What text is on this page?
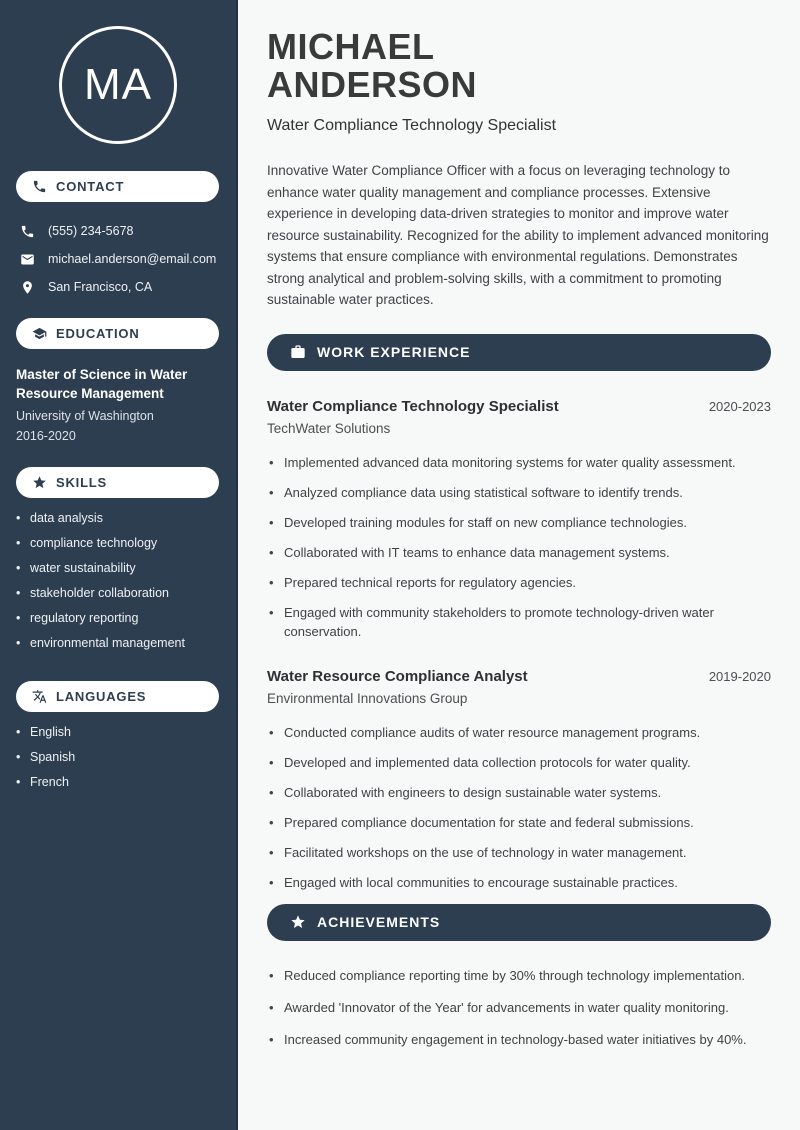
MA
CONTACT
(555) 234-5678
michael.anderson@email.com
San Francisco, CA
EDUCATION
Master of Science in Water Resource Management
University of Washington
2016-2020
SKILLS
• data analysis
• compliance technology
• water sustainability
• stakeholder collaboration
• regulatory reporting
• environmental management
LANGUAGES
• English
• Spanish
• French
MICHAEL
ANDERSON
Water Compliance Technology Specialist

Innovative Water Compliance Officer with a focus on leveraging technology to enhance water quality management and compliance processes. Extensive experience in developing data-driven strategies to monitor and improve water resource sustainability. Recognized for the ability to implement advanced monitoring systems that ensure compliance with environmental regulations. Demonstrates strong analytical and problem-solving skills, with a commitment to promoting sustainable water practices.

WORK EXPERIENCE
Water Compliance Technology Specialist	2020-2023
TechWater Solutions
• Implemented advanced data monitoring systems for water quality assessment.
• Analyzed compliance data using statistical software to identify trends.
• Developed training modules for staff on new compliance technologies.
• Collaborated with IT teams to enhance data management systems.
• Prepared technical reports for regulatory agencies.
• Engaged with community stakeholders to promote technology-driven water conservation.
Water Resource Compliance Analyst	2019-2020
Environmental Innovations Group
• Conducted compliance audits of water resource management programs.
• Developed and implemented data collection protocols for water quality.
• Collaborated with engineers to design sustainable water systems.
• Prepared compliance documentation for state and federal submissions.
• Facilitated workshops on the use of technology in water management.
• Engaged with local communities to encourage sustainable practices.
ACHIEVEMENTS
• Reduced compliance reporting time by 30% through technology implementation.
• Awarded 'Innovator of the Year' for advancements in water quality monitoring.
• Increased community engagement in technology-based water initiatives by 40%.
